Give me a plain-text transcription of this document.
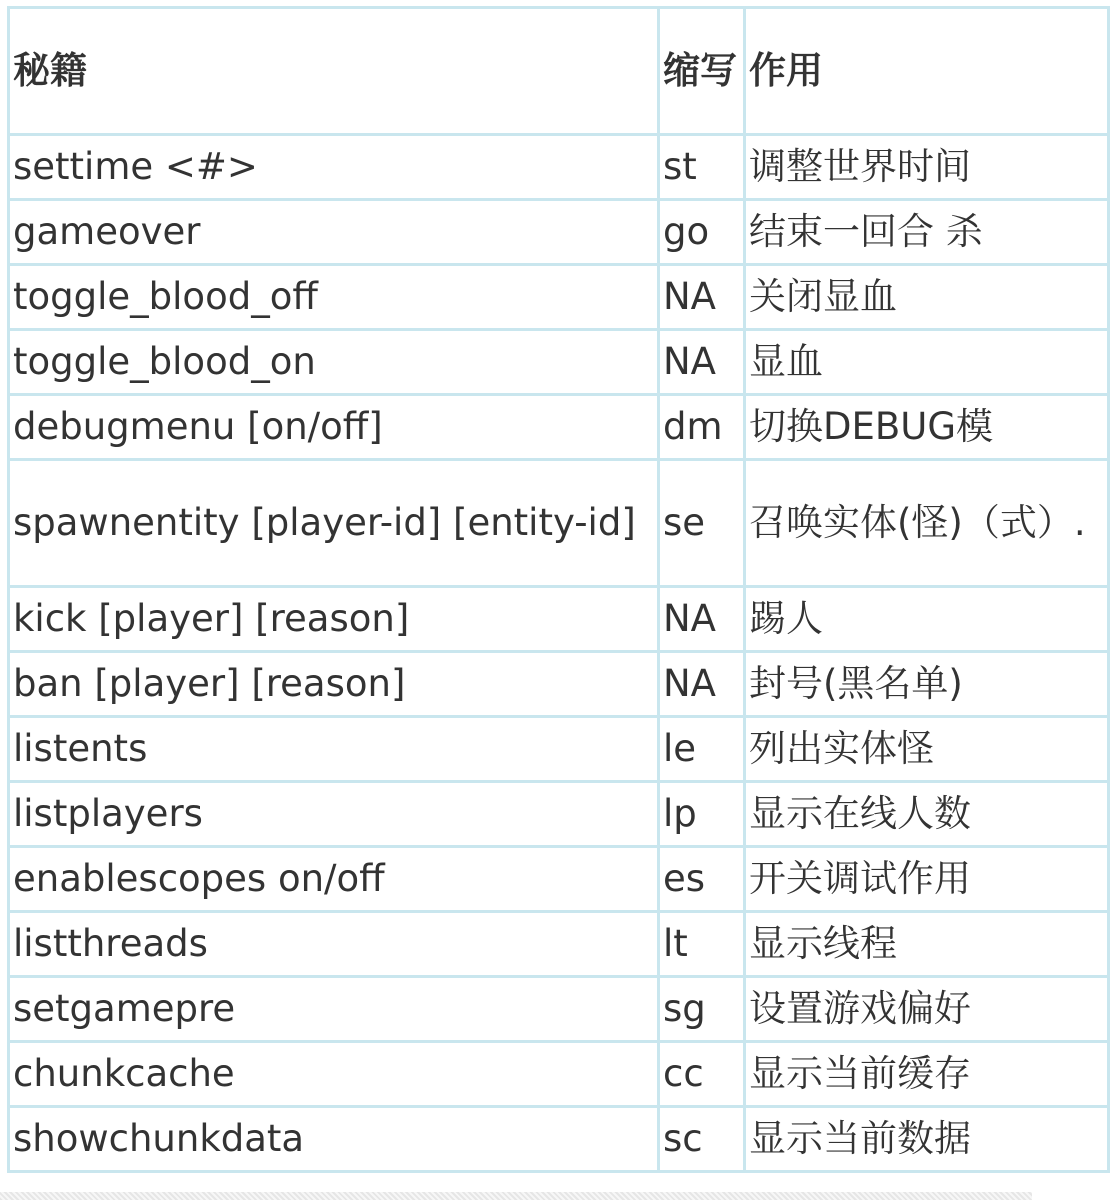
秘籍	缩写	作用
settime <#>	st	调整世界时间
gameover	go	结束一回合 杀
toggle_blood_off	NA	关闭显血
toggle_blood_on	NA	显血
debugmenu [on/off]	dm	切换DEBUG模
spawnentity [player-id] [entity-id]	se	召唤实体(怪)（式）.
kick [player] [reason]	NA	踢人
ban [player] [reason]	NA	封号(黑名单)
listents	le	列出实体怪
listplayers	lp	显示在线人数
enablescopes on/off	es	开关调试作用
listthreads	lt	显示线程
setgamepre	sg	设置游戏偏好
chunkcache	cc	显示当前缓存
showchunkdata	sc	显示当前数据
